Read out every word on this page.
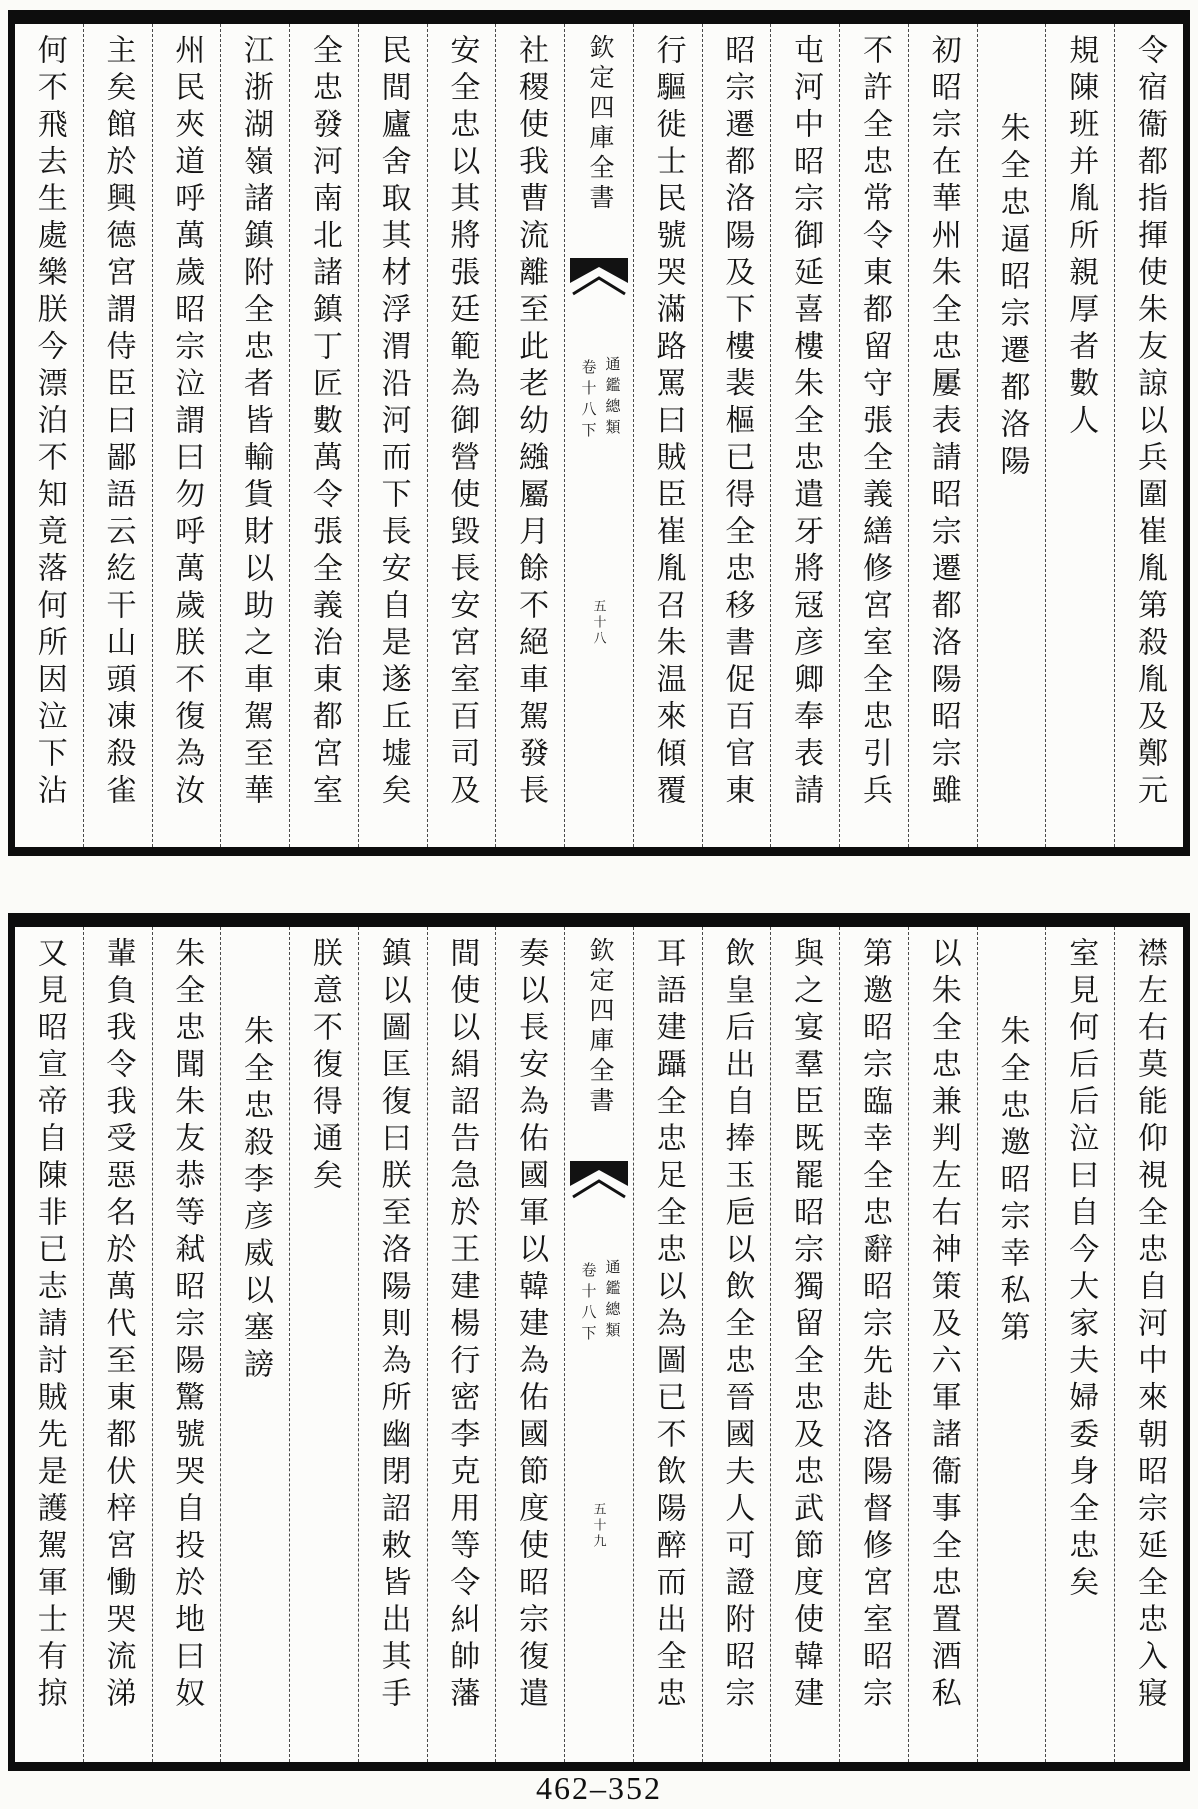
令宿衞都指揮使朱友諒以兵圍崔胤第殺胤及鄭元
規陳班并胤所親厚者數人
朱全忠逼昭宗遷都洛陽
初昭宗在華州朱全忠屢表請昭宗遷都洛陽昭宗雖
不許全忠常令東都留守張全義繕修宮室全忠引兵
屯河中昭宗御延喜樓朱全忠遣牙將冦彦卿奉表請
昭宗遷都洛陽及下樓裴樞已得全忠移書促百官東
行驅徙士民號哭滿路罵曰賊臣崔胤召朱温來傾覆
欽定四庫全書
卷十八下 通鑑總類
五十八
社稷使我曹流離至此老幼繈屬月餘不絕車駕發長
安全忠以其將張廷範為御營使毀長安宮室百司及
民間廬舍取其材浮渭沿河而下長安自是遂丘墟矣
全忠發河南北諸鎮丁匠數萬令張全義治東都宮室
江浙湖嶺諸鎮附全忠者皆輸貨財以助之車駕至華
州民夾道呼萬歲昭宗泣謂曰勿呼萬歲朕不復為汝
主矣館於興德宮謂侍臣曰鄙語云紇干山頭凍殺雀
何不飛去生處樂朕今漂泊不知竟落何所因泣下沾
襟左右莫能仰視全忠自河中來朝昭宗延全忠入寢
室見何后后泣曰自今大家夫婦委身全忠矣
朱全忠邀昭宗幸私第
以朱全忠兼判左右神策及六軍諸衞事全忠置酒私
第邀昭宗臨幸全忠辭昭宗先赴洛陽督修宮室昭宗
與之宴羣臣既罷昭宗獨留全忠及忠武節度使韓建
飲皇后出自捧玉巵以飲全忠晉國夫人可證附昭宗
耳語建躡全忠足全忠以為圖已不飲陽醉而出全忠
欽定四庫全書
卷十八下 通鑑總類
五十九
奏以長安為佑國軍以韓建為佑國節度使昭宗復遣
間使以絹詔告急於王建楊行密李克用等令糾帥藩
鎮以圖匡復曰朕至洛陽則為所幽閉詔敕皆出其手
朕意不復得通矣
朱全忠殺李彦威以塞謗
朱全忠聞朱友恭等弒昭宗陽驚號哭自投於地曰奴
輩負我令我受惡名於萬代至東都伏梓宮慟哭流涕
又見昭宣帝自陳非已志請討賊先是護駕軍士有掠
462–352
